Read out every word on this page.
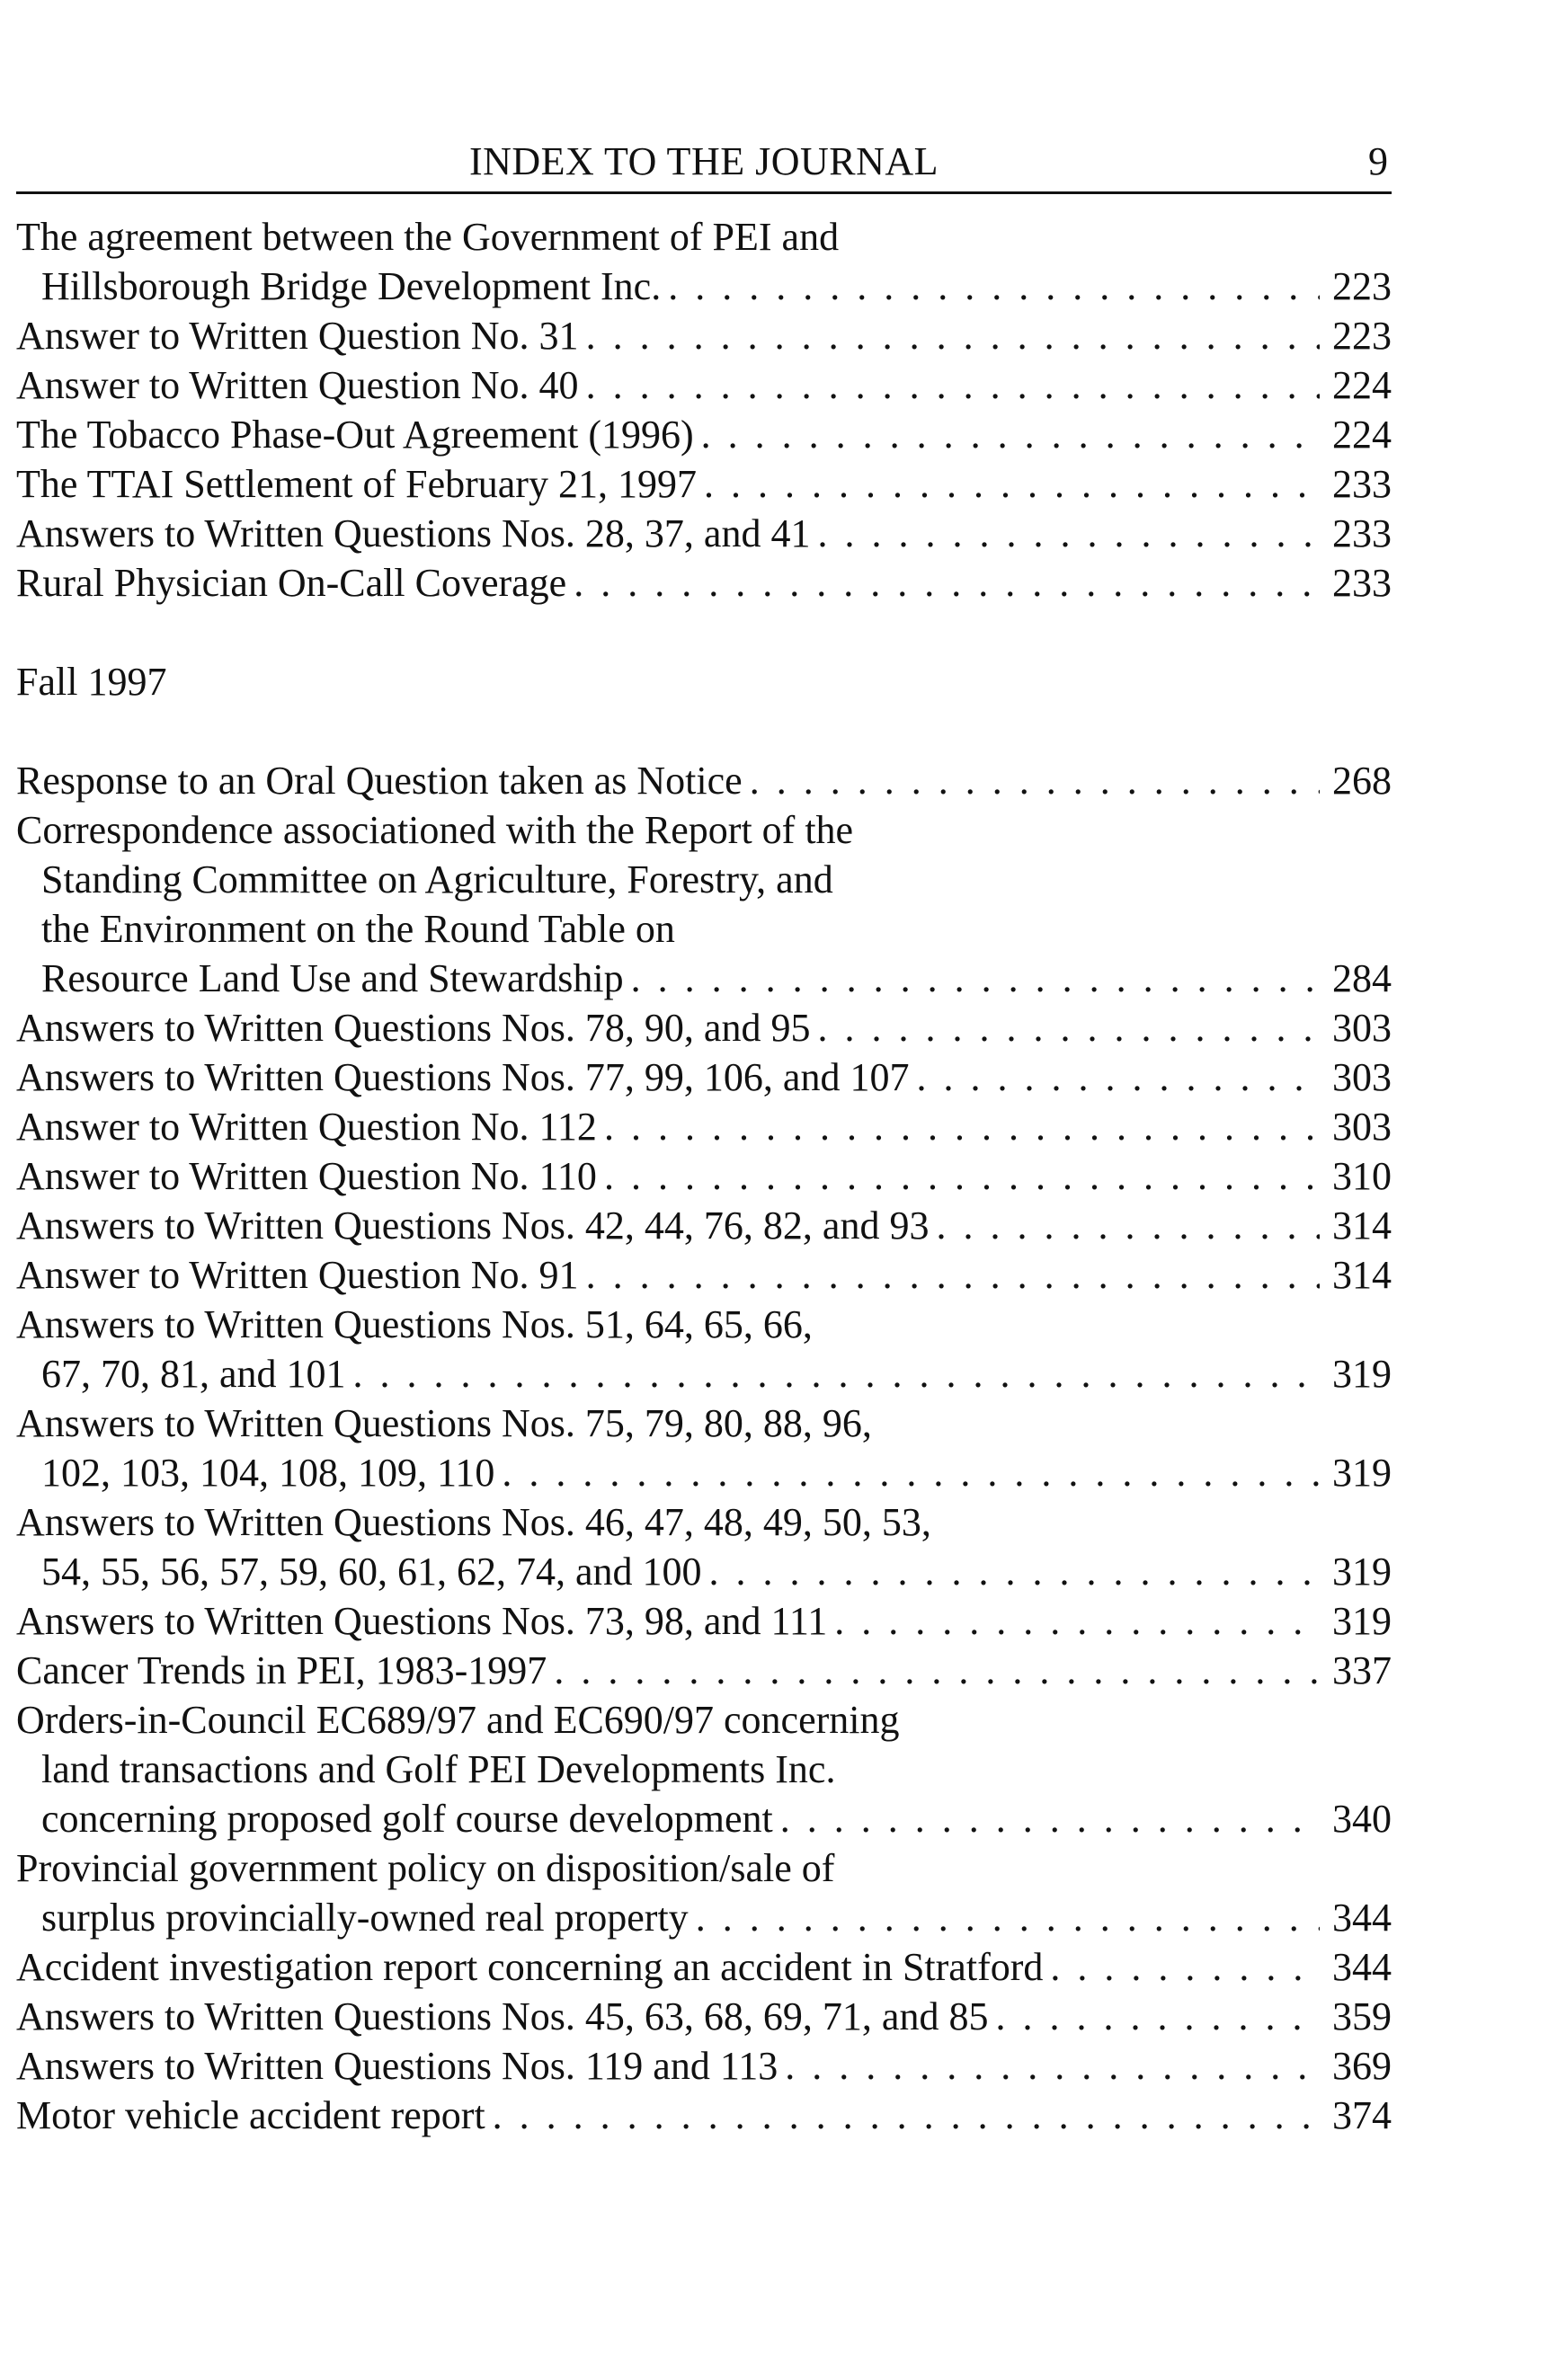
INDEX TO THE JOURNAL	9
The agreement between the Government of PEI and
Hillsborough Bridge Development Inc. . . .	223
Answer to Written Question No. 31 . . .	223
Answer to Written Question No. 40 . . .	224
The Tobacco Phase-Out Agreement (1996) . . .	224
The TTAI Settlement of February 21, 1997 . . .	233
Answers to Written Questions Nos. 28, 37, and 41 . . .	233
Rural Physician On-Call Coverage . . .	233
Fall 1997
Response to an Oral Question taken as Notice . . .	268
Correspondence associationed with the Report of the
Standing Committee on Agriculture, Forestry, and
the Environment on the Round Table on
Resource Land Use and Stewardship . . .	284
Answers to Written Questions Nos. 78, 90, and 95 . . .	303
Answers to Written Questions Nos. 77, 99, 106, and 107 . . .	303
Answer to Written Question No. 112 . . .	303
Answer to Written Question No. 110 . . .	310
Answers to Written Questions Nos. 42, 44, 76, 82, and 93 . . .	314
Answer to Written Question No. 91 . . .	314
Answers to Written Questions Nos. 51, 64, 65, 66,
67, 70, 81, and 101 . . .	319
Answers to Written Questions Nos. 75, 79, 80, 88, 96,
102, 103, 104, 108, 109, 110 . . .	319
Answers to Written Questions Nos. 46, 47, 48, 49, 50, 53,
54, 55, 56, 57, 59, 60, 61, 62, 74, and 100 . . .	319
Answers to Written Questions Nos. 73, 98, and 111 . . .	319
Cancer Trends in PEI, 1983-1997 . . .	337
Orders-in-Council EC689/97 and EC690/97 concerning
land transactions and Golf PEI Developments Inc.
concerning proposed golf course development . . .	340
Provincial government policy on disposition/sale of
surplus provincially-owned real property . . .	344
Accident investigation report concerning an accident in Stratford . . .	344
Answers to Written Questions Nos. 45, 63, 68, 69, 71, and 85 . . .	359
Answers to Written Questions Nos. 119 and 113 . . .	369
Motor vehicle accident report . . .	374
